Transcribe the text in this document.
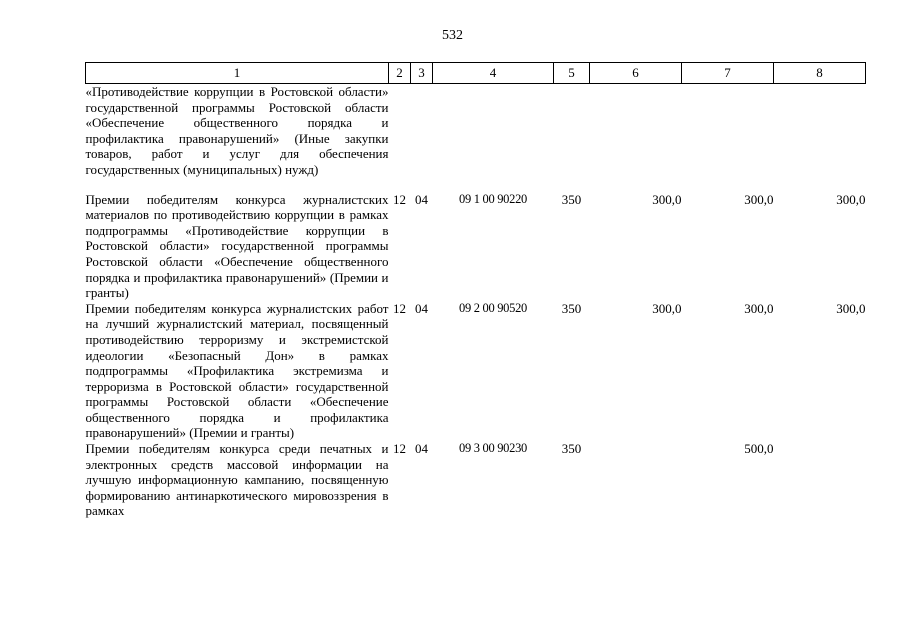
532
1	2	3	4	5	6	7	8
«Противодействие коррупции в Ростовской области» государственной программы Ростовской области «Обеспечение общественного порядка и профилактика правонарушений» (Иные закупки товаров, работ и услуг для обеспечения государственных (муниципальных) нужд)							
Премии победителям конкурса журналистских материалов по противодействию коррупции в рамках подпрограммы «Противодействие коррупции в Ростовской области» государственной программы Ростовской области «Обеспечение общественного порядка и профилактика правонарушений» (Премии и гранты)	12	04	09 1 00 90220	350	300,0	300,0	300,0
Премии победителям конкурса журналистских работ на лучший журналистский материал, посвященный противодействию терроризму и экстремистской идеологии «Безопасный Дон» в рамках подпрограммы «Профилактика экстремизма и терроризма в Ростовской области» государственной программы Ростовской области «Обеспечение общественного порядка и профилактика правонарушений» (Премии и гранты)	12	04	09 2 00 90520	350	300,0	300,0	300,0
Премии победителям конкурса среди печатных и электронных средств массовой информации на лучшую информационную кампанию, посвященную формированию антинаркотического мировоззрения в рамках	12	04	09 3 00 90230	350		500,0	
